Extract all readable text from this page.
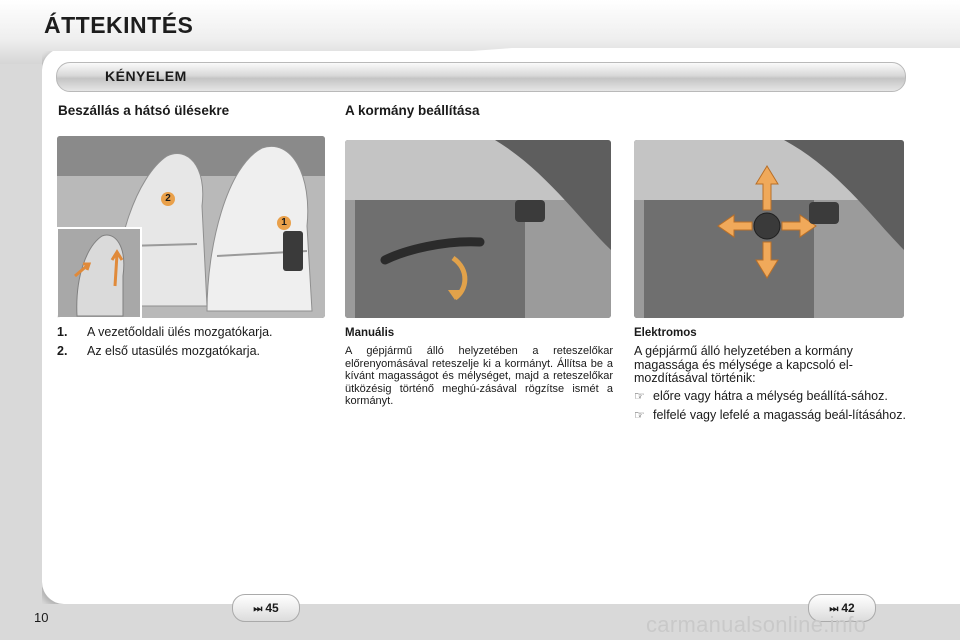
ÁTTEKINTÉS
KÉNYELEM
Beszállás a hátsó ülésekre	A kormány beállítása
2
1
1.	A vezetőoldali ülés mozgatókarja.
2.	Az első utasülés mozgatókarja.
Manuális

A gépjármű álló helyzetében a reteszelőkar előrenyomásával reteszelje ki a kormányt. Állítsa be a kívánt magasságot és mélységet, majd a reteszelőkar ütközésig történő meghú-zásával rögzítse ismét a kormányt.

Elektromos

A gépjármű álló helyzetében a kormány magassága és mélysége a kapcsoló el-mozdításával történik:

☞ előre vagy hátra a mélység beállítá-sához.
☞ felfelé vagy lefelé a magasság beál-lításához.
⏭ 45	⏭ 42
10	carmanualsonline.info
